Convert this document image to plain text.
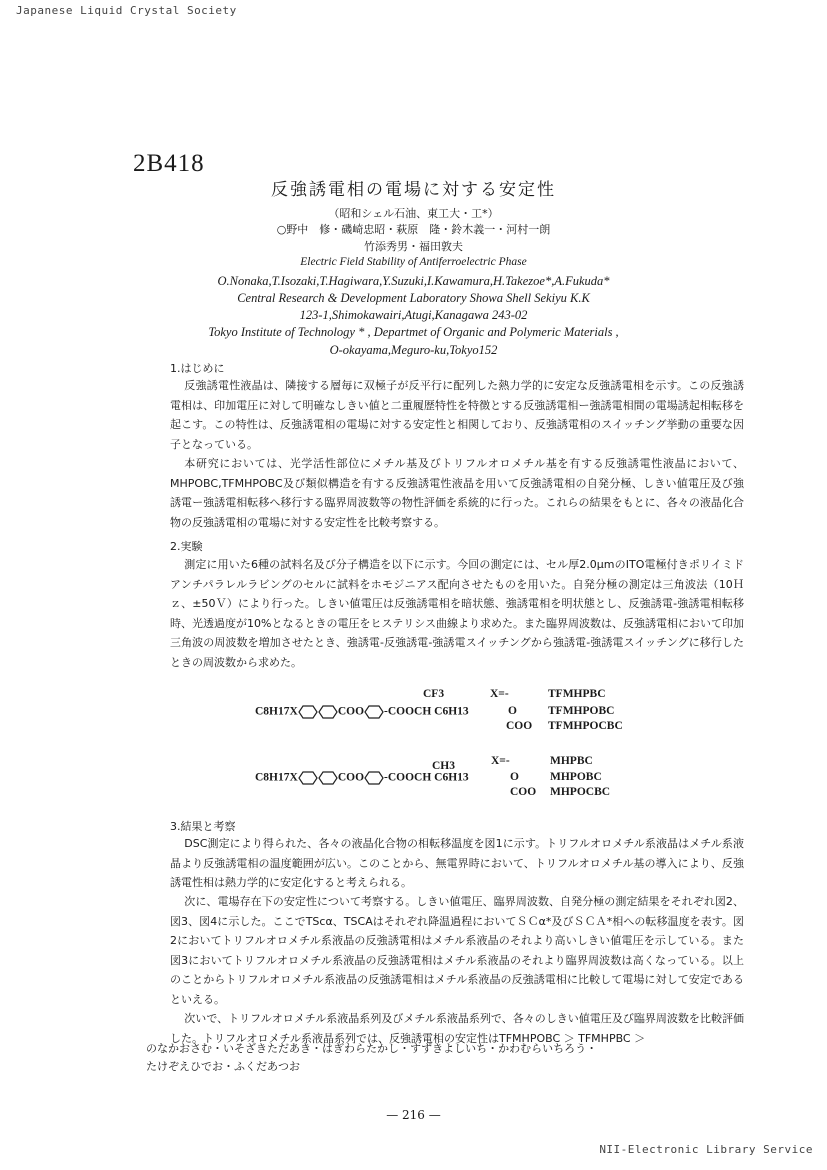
Japanese Liquid Crystal Society
2B418
反強誘電相の電場に対する安定性
（昭和シェル石油、東工大・工*）
○野中　修・磯崎忠昭・萩原　隆・鈴木義一・河村一朗
竹添秀男・福田敦夫
Electric Field Stability of Antiferroelectric Phase
O.Nonaka,T.Isozaki,T.Hagiwara,Y.Suzuki,I.Kawamura,H.Takezoe*,A.Fukuda*
Central Research & Development Laboratory Showa Shell Sekiyu K.K
123-1,Shimokawairi,Atugi,Kanagawa 243-02
Tokyo Institute of Technology * , Departmet of Organic and Polymeric Materials ,
O-okayama,Meguro-ku,Tokyo152
1.はじめに
反強誘電性液晶は、隣接する層毎に双極子が反平行に配列した熱力学的に安定な反強誘電相を示す。この反強誘電相は、印加電圧に対して明確なしきい値と二重履歴特性を特徴とする反強誘電相ー強誘電相間の電場誘起相転移を起こす。この特性は、反強誘電相の電場に対する安定性と相関しており、反強誘電相のスイッチング挙動の重要な因子となっている。
本研究においては、光学活性部位にメチル基及びトリフルオロメチル基を有する反強誘電性液晶において、MHPOBC,TFMHPOBC及び類似構造を有する反強誘電性液晶を用いて反強誘電相の自発分極、しきい値電圧及び強誘電ー強誘電相転移へ移行する臨界周波数等の物性評価を系統的に行った。これらの結果をもとに、各々の液晶化合物の反強誘電相の電場に対する安定性を比較考察する。
2.実験
測定に用いた6種の試料名及び分子構造を以下に示す。今回の測定には、セル厚2.0μmのITO電極付きポリイミドアンチパラレルラビングのセルに試料をホモジニアス配向させたものを用いた。自発分極の測定は三角波法（10Ｈｚ、±50Ｖ）により行った。しきい値電圧は反強誘電相を暗状態、強誘電相を明状態とし、反強誘電-強誘電相転移時、光透過度が10%となるときの電圧をヒステリシス曲線より求めた。また臨界周波数は、反強誘電相において印加三角波の周波数を増加させたとき、強誘電-反強誘電-強誘電スイッチングから強誘電-強誘電スイッチングに移行したときの周波数から求めた。
CF3
C8H17X	COO -COOCH C6H13
X=-
O
COO
TFMHPBC
TFMHPOBC
TFMHPOCBC
CH3
C8H17X	COO -COOCH C6H13
X=-
O
COO
MHPBC
MHPOBC
MHPOCBC
3.結果と考察
DSC測定により得られた、各々の液晶化合物の相転移温度を図1に示す。トリフルオロメチル系液晶はメチル系液晶より反強誘電相の温度範囲が広い。このことから、無電界時において、トリフルオロメチル基の導入により、反強誘電性相は熱力学的に安定化すると考えられる。
次に、電場存在下の安定性について考察する。しきい値電圧、臨界周波数、自発分極の測定結果をそれぞれ図2、図3、図4に示した。ここでTScα、TSCAはそれぞれ降温過程においてＳＣα*及びＳＣＡ*相への転移温度を表す。図2においてトリフルオロメチル系液晶の反強誘電相はメチル系液晶のそれより高いしきい値電圧を示している。また図3においてトリフルオロメチル系液晶の反強誘電相はメチル系液晶のそれより臨界周波数は高くなっている。以上のことからトリフルオロメチル系液晶の反強誘電相はメチル系液晶の反強誘電相に比較して電場に対して安定であるといえる。
次いで、トリフルオロメチル系液晶系列及びメチル系液晶系列で、各々のしきい値電圧及び臨界周波数を比較評価した。トリフルオロメチル系液晶系列では、反強誘電相の安定性はTFMHPOBC ＞ TFMHPBC ＞
のなかおさむ・いそざきただあき・はぎわらたかし・すずきよしいち・かわむらいちろう・
たけぞえひでお・ふくだあつお
— 216 —
NII-Electronic Library Service
